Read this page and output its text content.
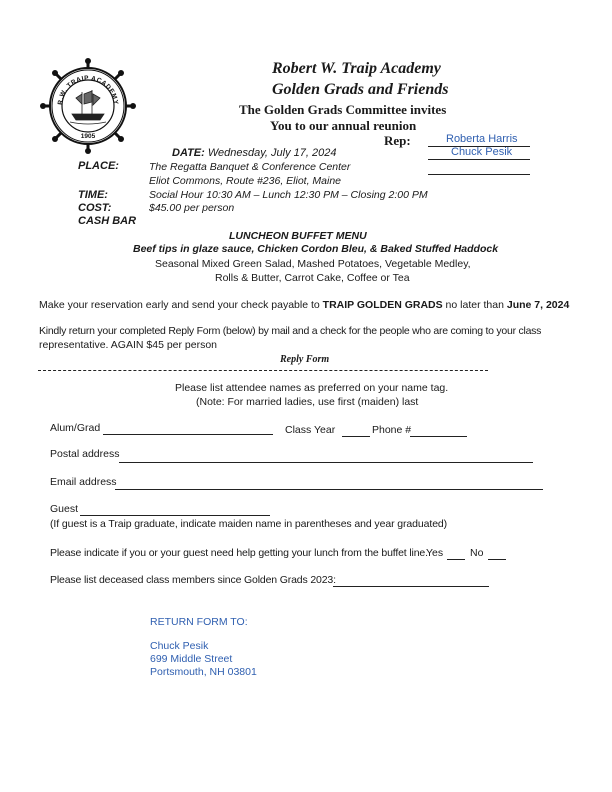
R.W. TRAIP ACADEMY
1905
Robert W. Traip Academy
Golden Grads and Friends
The Golden Grads Committee invites
You to our annual reunion
Rep:	Roberta Harris
Chuck Pesik
DATE: Wednesday, July 17, 2024
PLACE:	The Regatta Banquet & Conference Center
Eliot Commons, Route #236, Eliot, Maine
TIME:	Social Hour 10:30 AM – Lunch 12:30 PM – Closing 2:00 PM
COST:	$45.00 per person
CASH BAR
LUNCHEON BUFFET MENU
Beef tips in glaze sauce, Chicken Cordon Bleu, & Baked Stuffed Haddock
Seasonal Mixed Green Salad, Mashed Potatoes, Vegetable Medley,
Rolls & Butter, Carrot Cake, Coffee or Tea
Make your reservation early and send your check payable to TRAIP GOLDEN GRADS no later than June 7, 2024
Kindly return your completed Reply Form (below) by mail and a check for the people who are coming to your class
representative. AGAIN $45 per person
Reply Form
Please list attendee names as preferred on your name tag.
(Note: For married ladies, use first (maiden) last
Alum/Grad	Class Year	Phone #
Postal address
Email address
Guest
(If guest is a Traip graduate, indicate maiden name in parentheses and year graduated)
Please indicate if you or your guest need help getting your lunch from the buffet line.
Yes	No
Please list deceased class members since Golden Grads 2023:
RETURN FORM TO:
Chuck Pesik
699 Middle Street
Portsmouth, NH 03801
